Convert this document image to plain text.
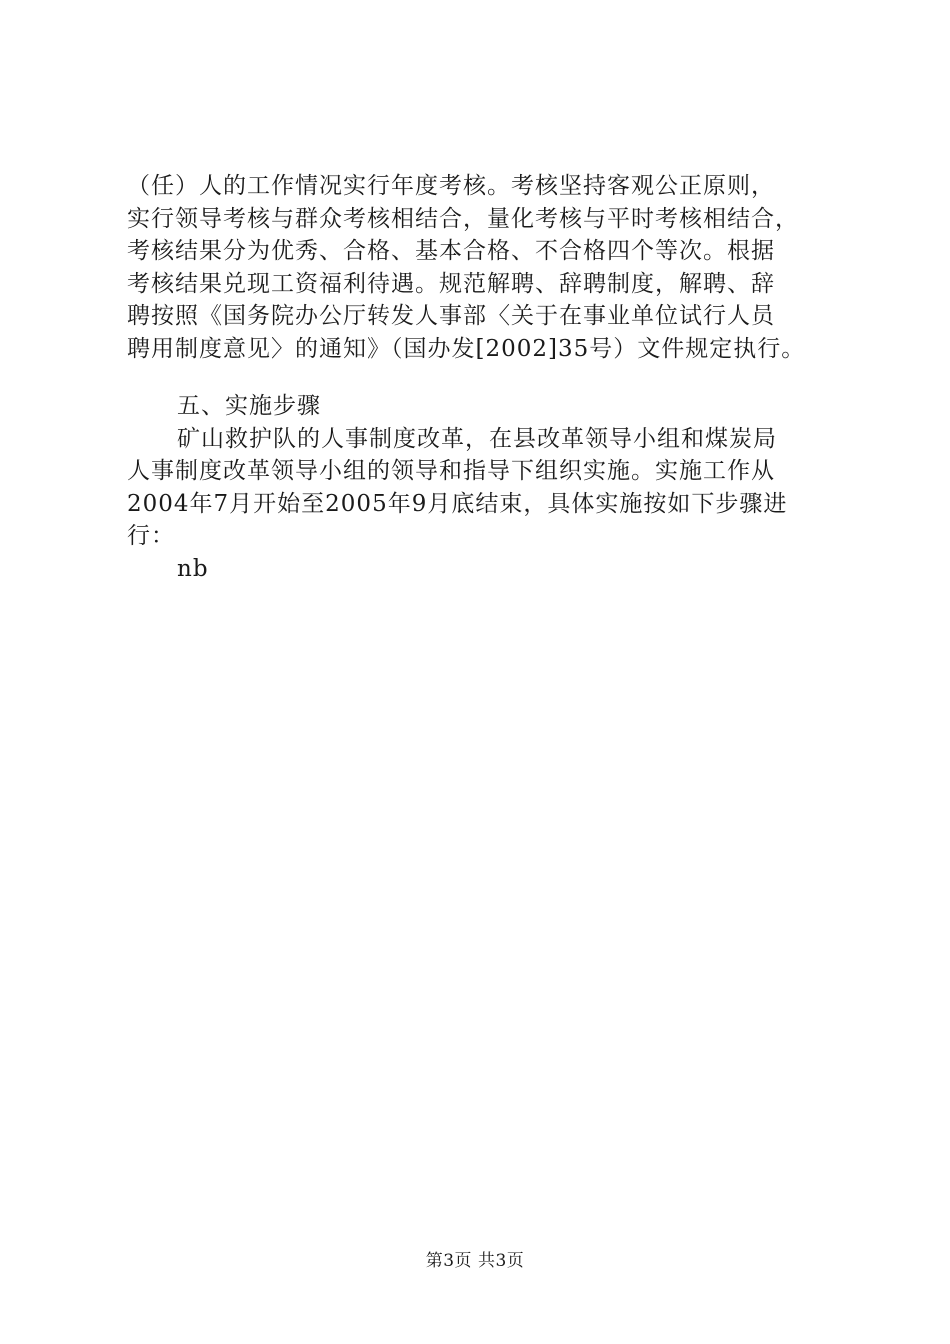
（任）人的工作情况实行年度考核。考核坚持客观公正原则，
实行领导考核与群众考核相结合，量化考核与平时考核相结合，
考核结果分为优秀、合格、基本合格、不合格四个等次。根据
考核结果兑现工资福利待遇。规范解聘、辞聘制度，解聘、辞
聘按照《国务院办公厅转发人事部〈关于在事业单位试行人员
聘用制度意见〉的通知》（国办发[2002]35号）文件规定执行。
五、实施步骤
矿山救护队的人事制度改革，在县改革领导小组和煤炭局
人事制度改革领导小组的领导和指导下组织实施。实施工作从
2004年7月开始至2005年9月底结束，具体实施按如下步骤进
行：
nb
第3页 共3页
